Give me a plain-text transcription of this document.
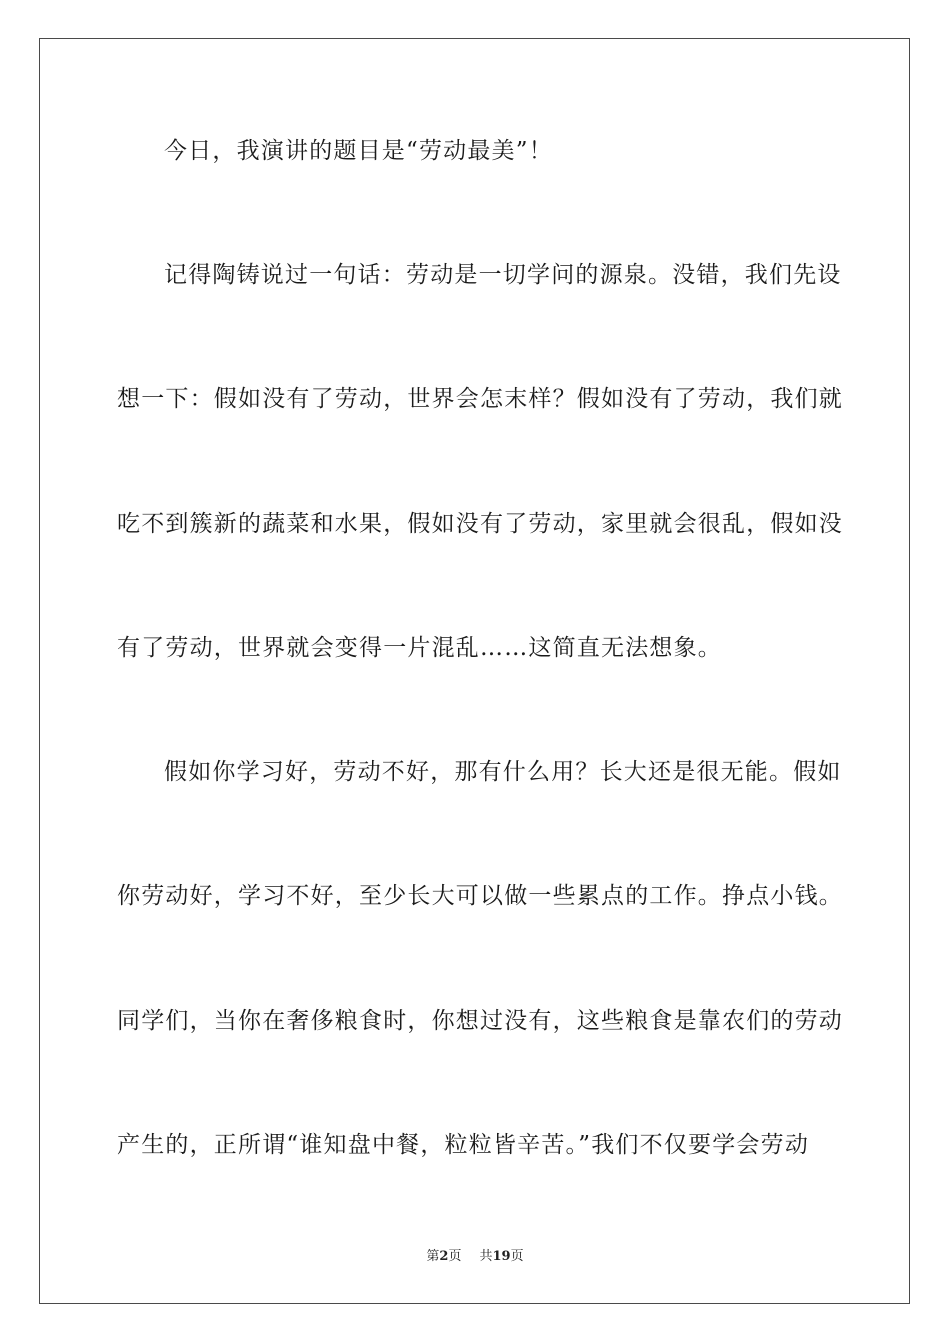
今日，我演讲的题目是“劳动最美”！
记得陶铸说过一句话：劳动是一切学问的源泉。没错，我们先设
想一下：假如没有了劳动，世界会怎末样？假如没有了劳动，我们就
吃不到簇新的蔬菜和水果，假如没有了劳动，家里就会很乱，假如没
有了劳动，世界就会变得一片混乱……这简直无法想象。
假如你学习好，劳动不好，那有什么用？长大还是很无能。假如
你劳动好，学习不好，至少长大可以做一些累点的工作。挣点小钱。
同学们，当你在奢侈粮食时，你想过没有，这些粮食是靠农们的劳动
产生的，正所谓“谁知盘中餐，粒粒皆辛苦。”我们不仅要学会劳动
第2页 共19页
